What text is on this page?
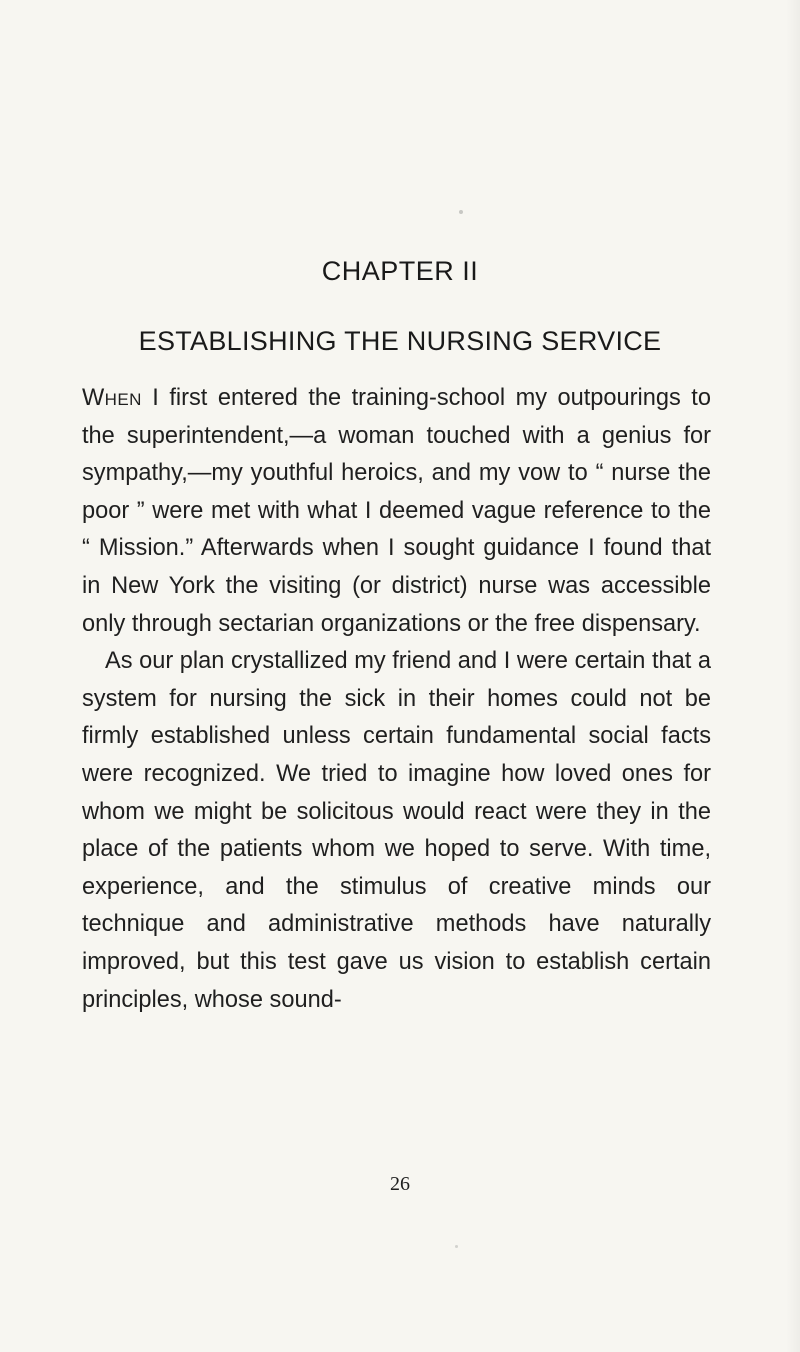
CHAPTER II
ESTABLISHING THE NURSING SERVICE

When I first entered the training-school my outpourings to the superintendent,—a woman touched with a genius for sympathy,—my youthful heroics, and my vow to “ nurse the poor ” were met with what I deemed vague reference to the “ Mission.” Afterwards when I sought guidance I found that in New York the visiting (or district) nurse was accessible only through sectarian organizations or the free dispensary.

As our plan crystallized my friend and I were certain that a system for nursing the sick in their homes could not be firmly established unless certain fundamental social facts were recognized. We tried to imagine how loved ones for whom we might be solicitous would react were they in the place of the patients whom we hoped to serve. With time, experience, and the stimulus of creative minds our technique and administrative methods have naturally improved, but this test gave us vision to establish certain principles, whose sound-

26
